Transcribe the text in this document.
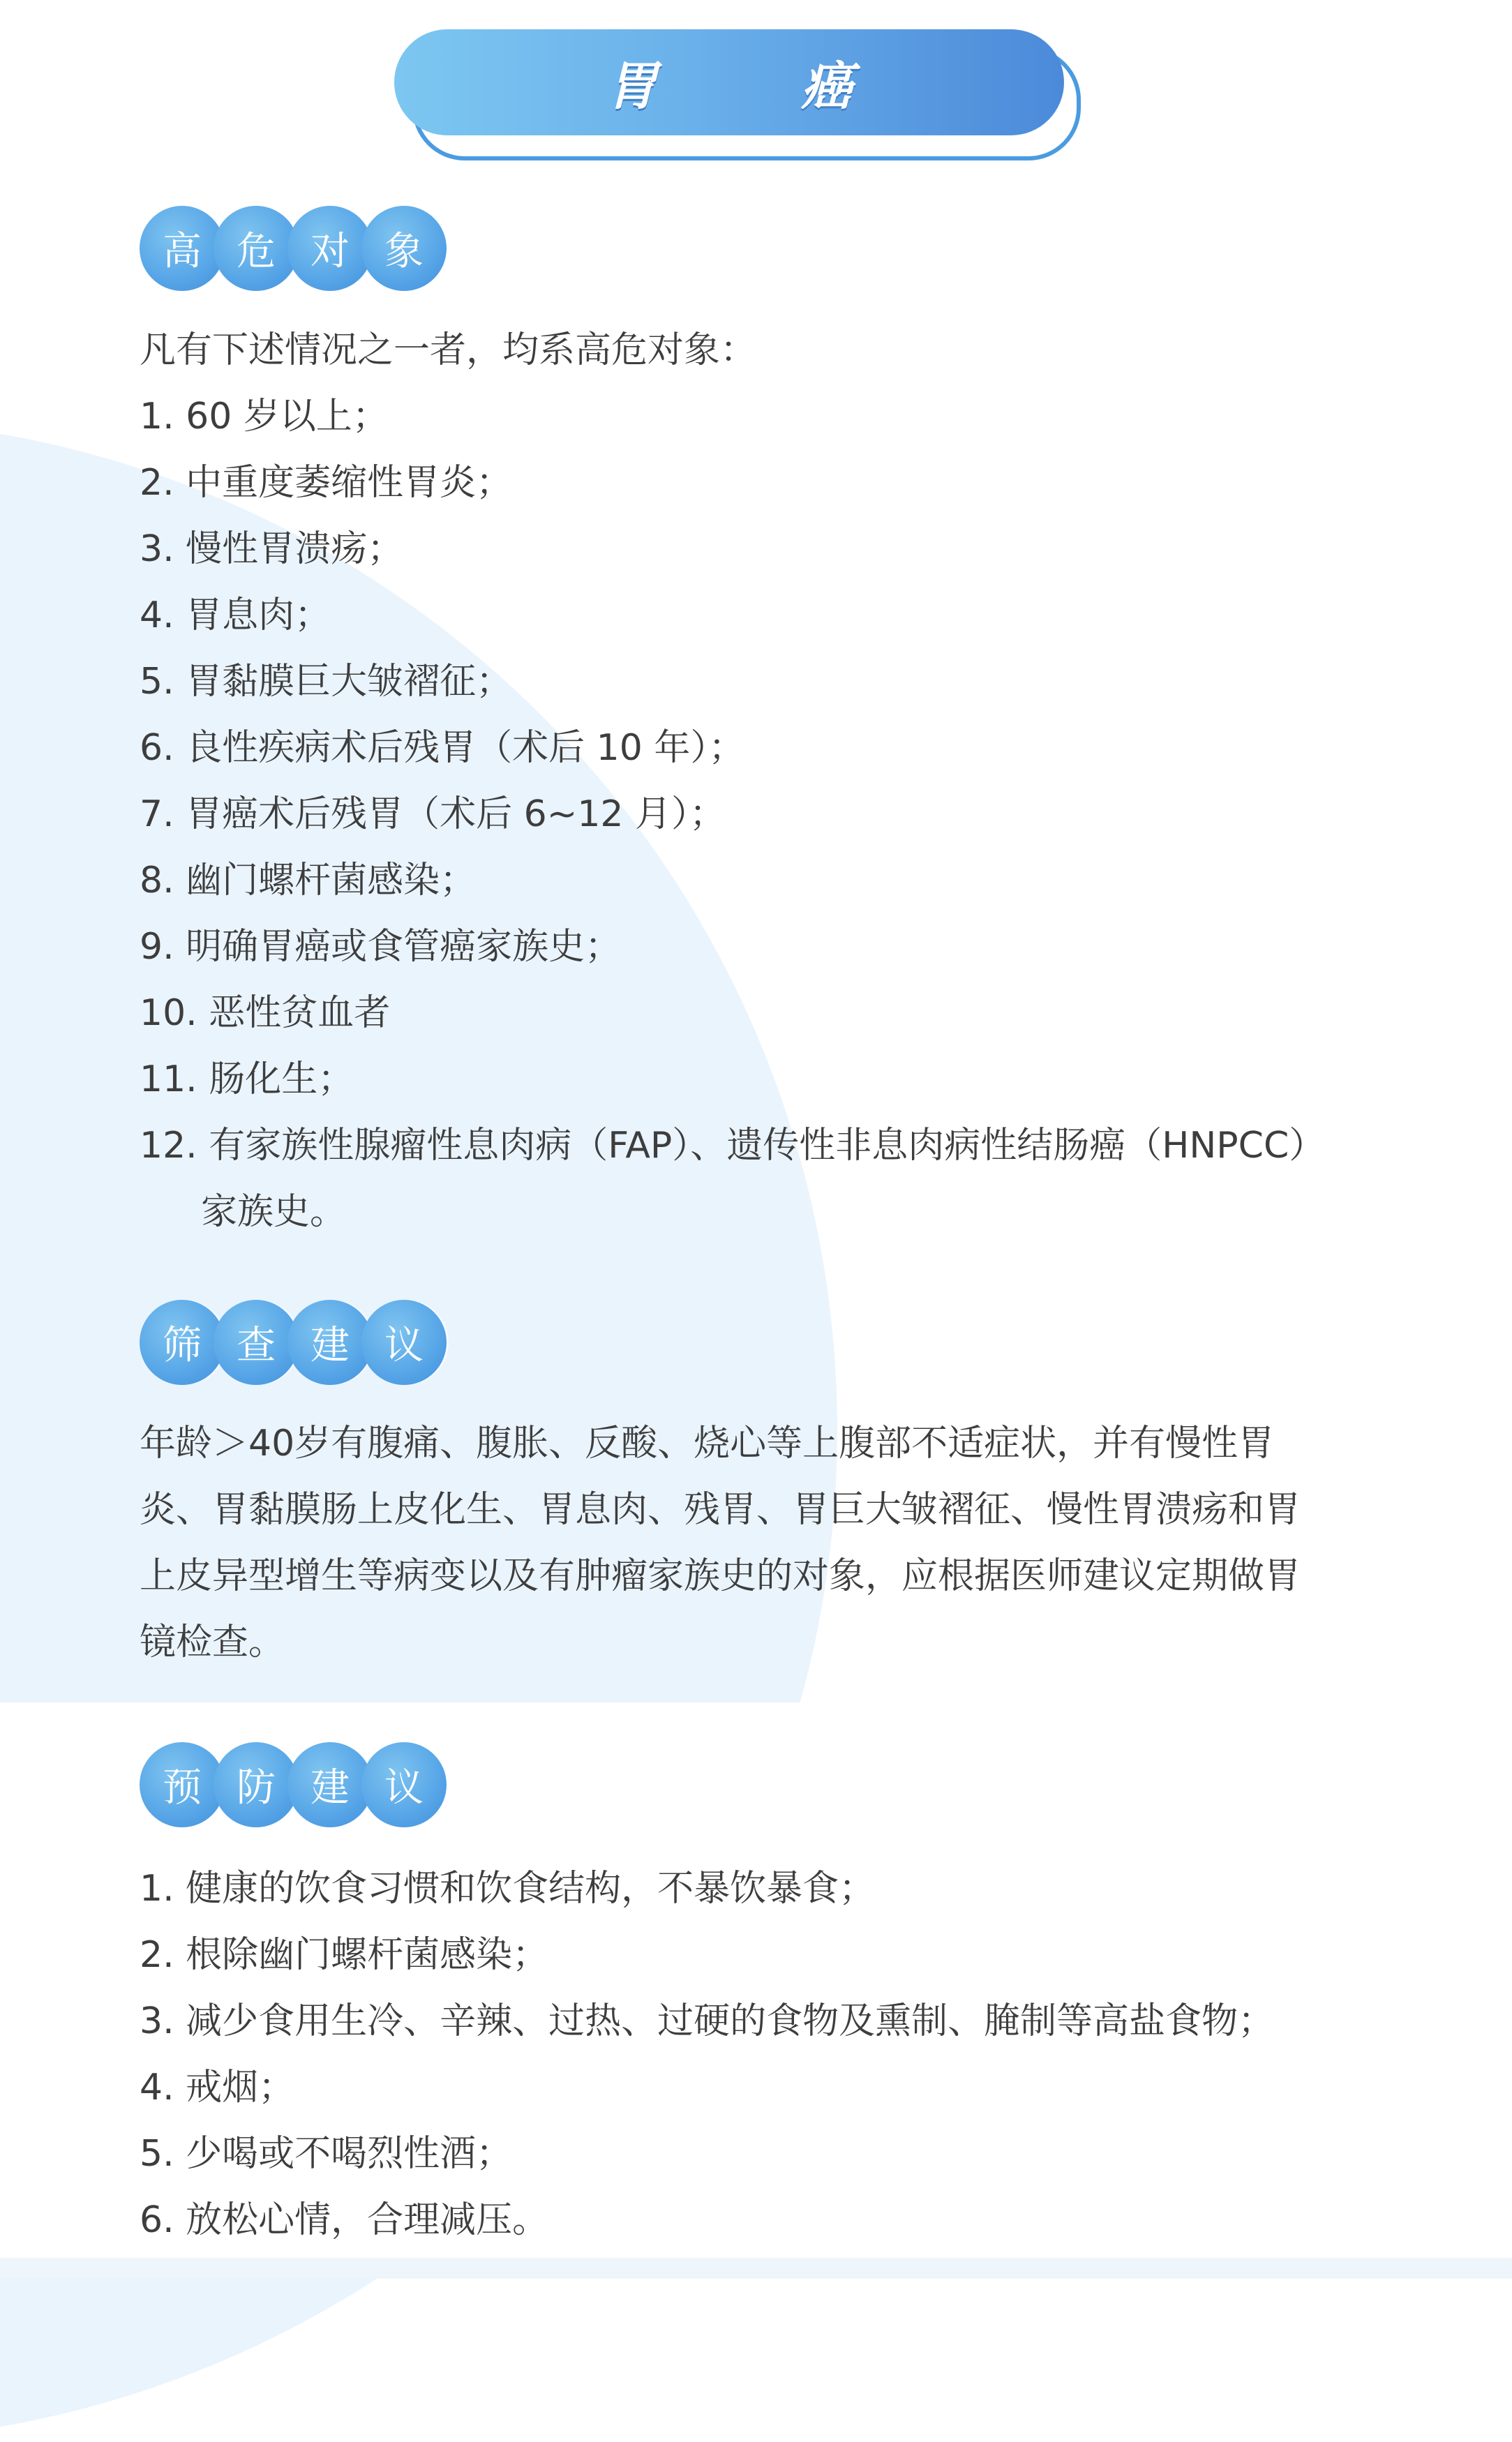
胃 癌
高 危 对 象
凡有下述情况之一者，均系高危对象：
1. 60 岁以上；
2. 中重度萎缩性胃炎；
3. 慢性胃溃疡；
4. 胃息肉；
5. 胃黏膜巨大皱褶征；
6. 良性疾病术后残胃（术后 10 年）；
7. 胃癌术后残胃（术后 6~12 月）；
8. 幽门螺杆菌感染；
9. 明确胃癌或食管癌家族史；
10. 恶性贫血者
11. 肠化生；
12. 有家族性腺瘤性息肉病（FAP）、遗传性非息肉病性结肠癌（HNPCC）
家族史。
筛 查 建 议
年龄＞40岁有腹痛、腹胀、反酸、烧心等上腹部不适症状，并有慢性胃
炎、胃黏膜肠上皮化生、胃息肉、残胃、胃巨大皱褶征、慢性胃溃疡和胃
上皮异型增生等病变以及有肿瘤家族史的对象，应根据医师建议定期做胃
镜检查。
预 防 建 议
1. 健康的饮食习惯和饮食结构，不暴饮暴食；
2. 根除幽门螺杆菌感染；
3. 减少食用生冷、辛辣、过热、过硬的食物及熏制、腌制等高盐食物；
4. 戒烟；
5. 少喝或不喝烈性酒；
6. 放松心情，合理减压。
